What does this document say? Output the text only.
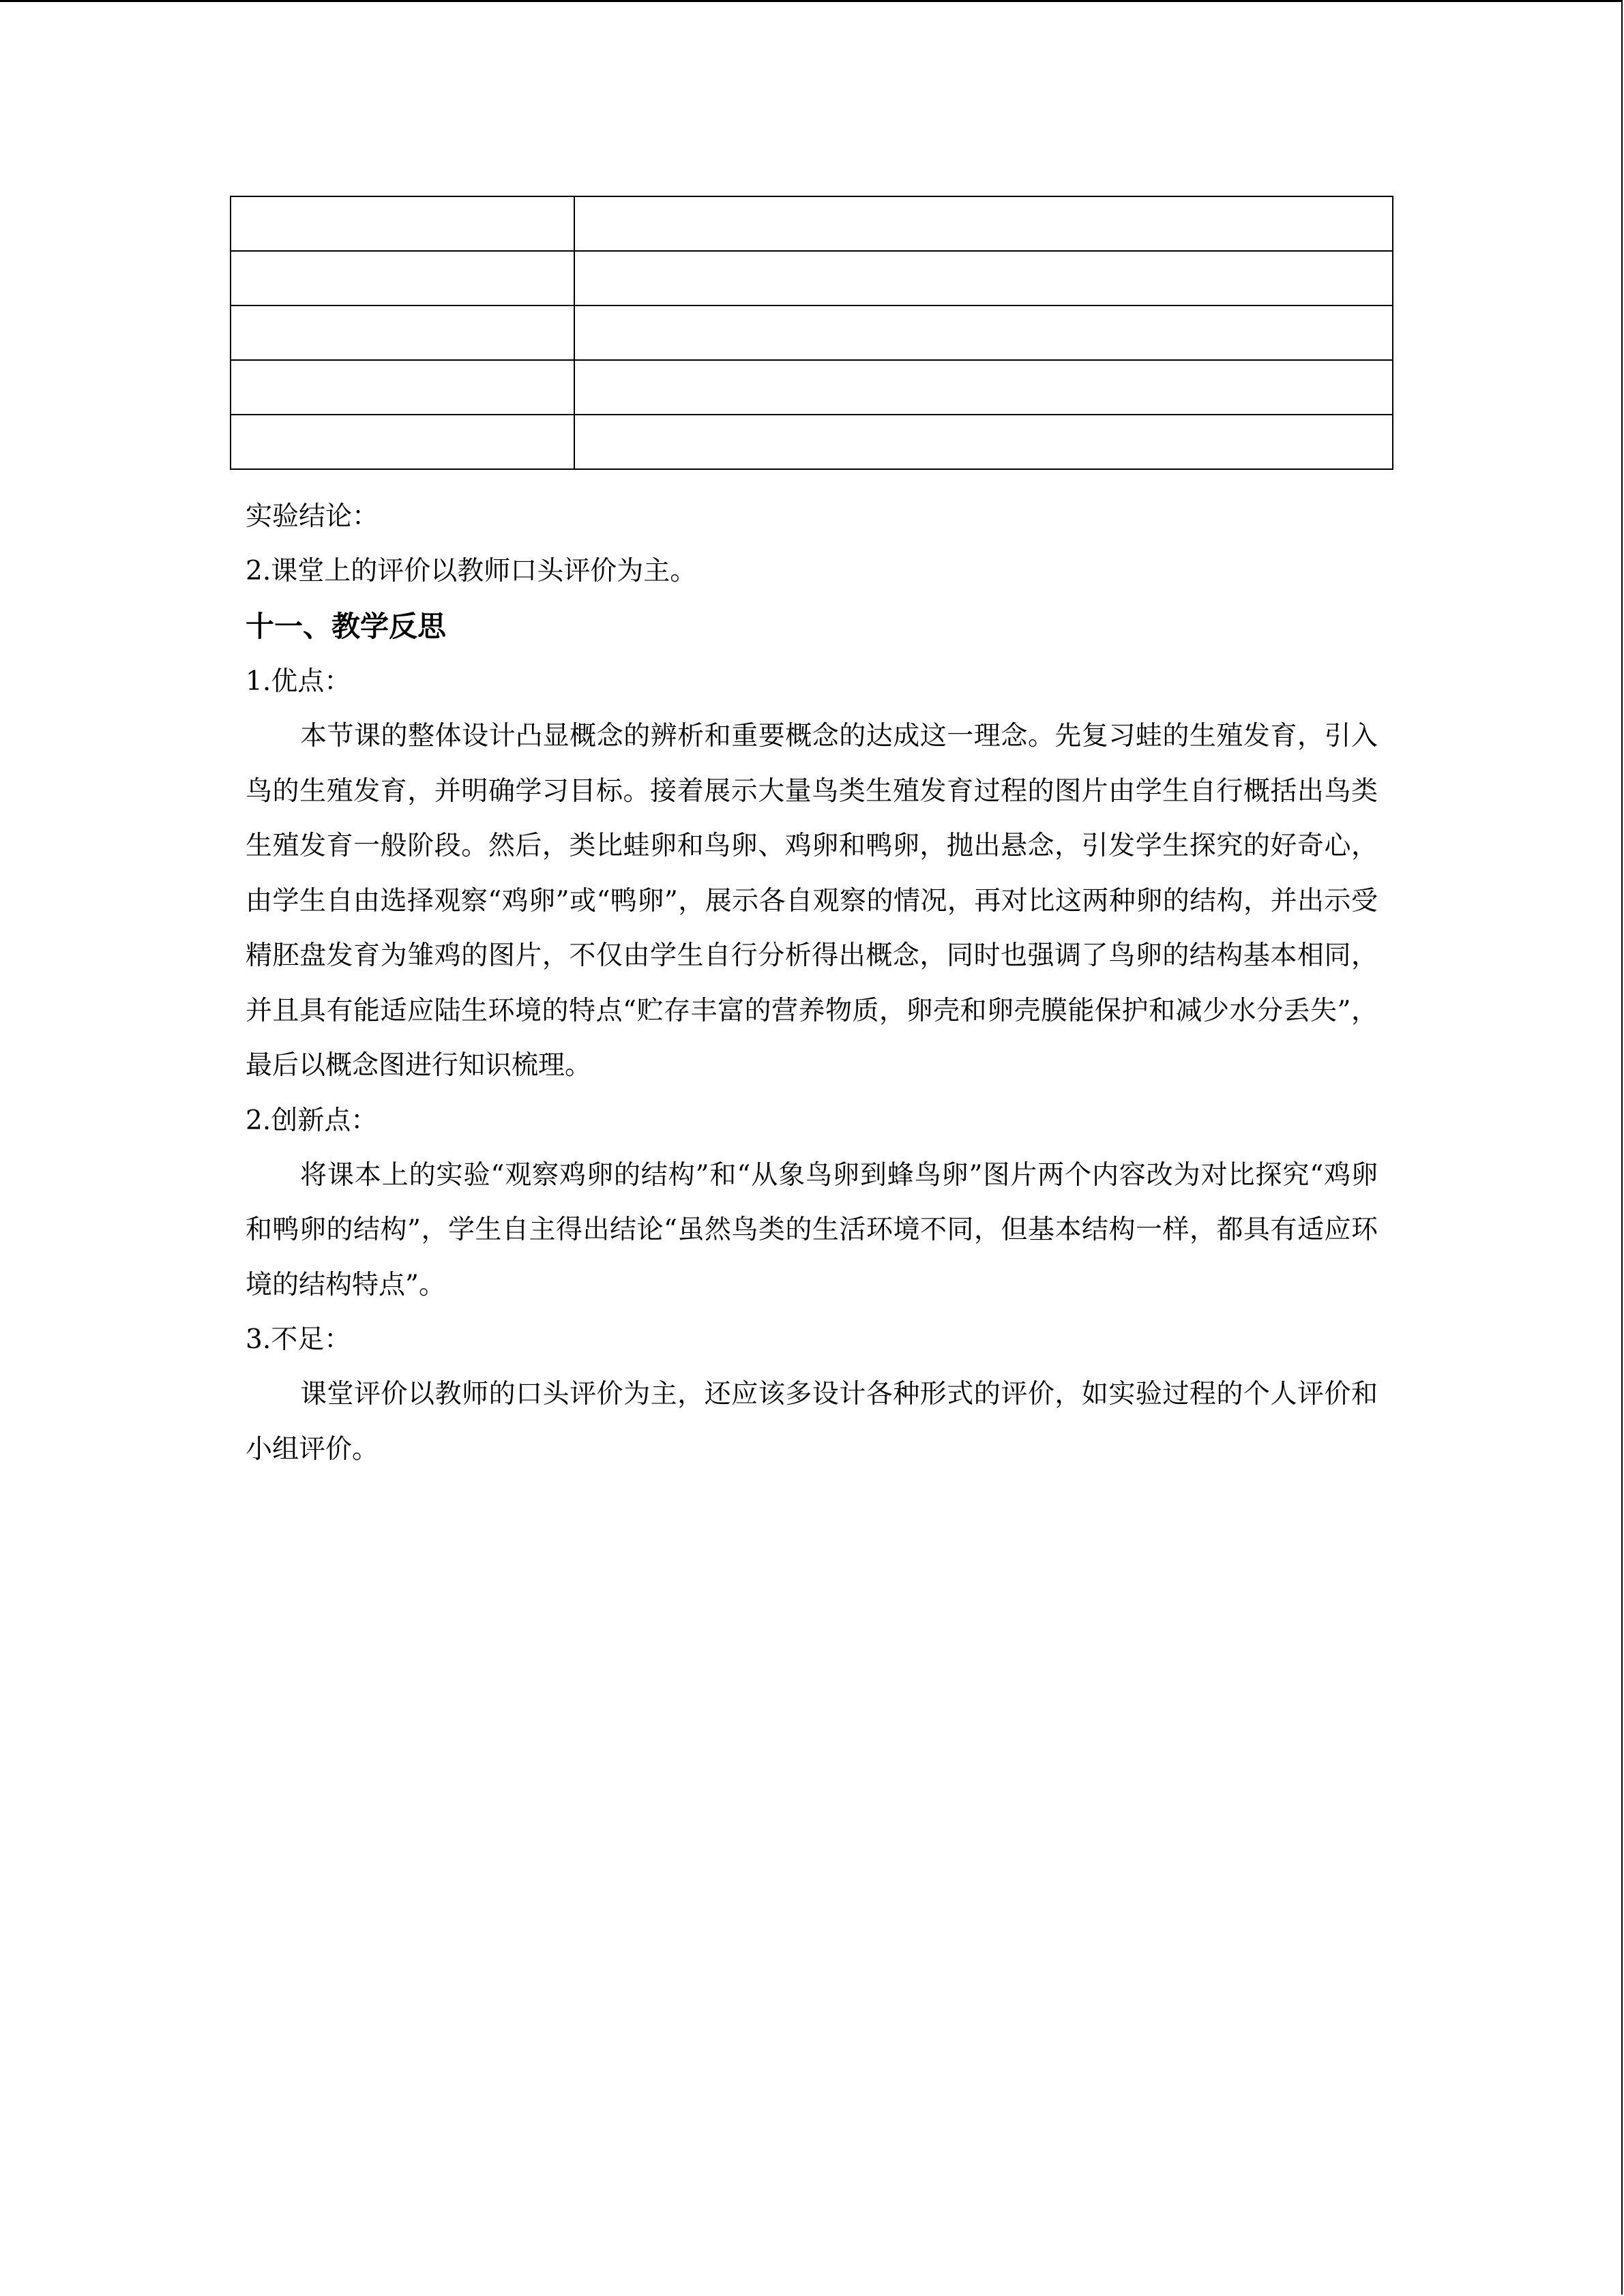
实验结论：

2.课堂上的评价以教师口头评价为主。

十一、教学反思

1.优点：

本节课的整体设计凸显概念的辨析和重要概念的达成这一理念。先复习蛙的生殖发育，引入鸟的生殖发育，并明确学习目标。接着展示大量鸟类生殖发育过程的图片由学生自行概括出鸟类生殖发育一般阶段。然后，类比蛙卵和鸟卵、鸡卵和鸭卵，抛出悬念，引发学生探究的好奇心，由学生自由选择观察“鸡卵”或“鸭卵”，展示各自观察的情况，再对比这两种卵的结构，并出示受精胚盘发育为雏鸡的图片，不仅由学生自行分析得出概念，同时也强调了鸟卵的结构基本相同，并且具有能适应陆生环境的特点“贮存丰富的营养物质，卵壳和卵壳膜能保护和减少水分丢失”，最后以概念图进行知识梳理。

2.创新点：

将课本上的实验“观察鸡卵的结构”和“从象鸟卵到蜂鸟卵”图片两个内容改为对比探究“鸡卵和鸭卵的结构”，学生自主得出结论“虽然鸟类的生活环境不同，但基本结构一样，都具有适应环境的结构特点”。

3.不足：

课堂评价以教师的口头评价为主，还应该多设计各种形式的评价，如实验过程的个人评价和小组评价。
